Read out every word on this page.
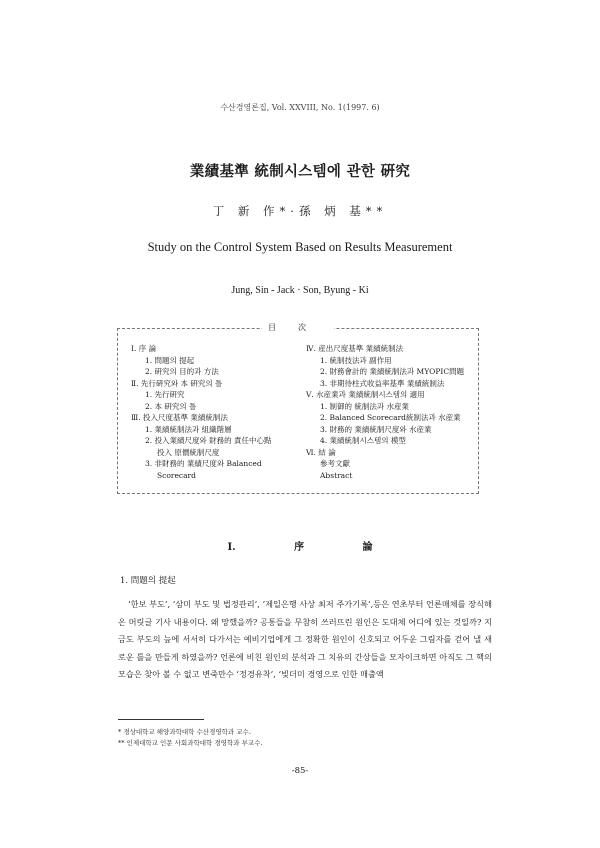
수산경영론집, Vol. XXVIII, No. 1(1997. 6)
業績基準 統制시스템에 관한 硏究
丁 新 作*·孫 炳 基**
Study on the Control System Based on Results Measurement
Jung, Sin - Jack · Son, Byung - Ki
目次
Ⅰ. 序 論
1. 問題의 提起
2. 硏究의 目的과 方法
Ⅱ. 先行硏究와 本 硏究의 틀
1. 先行硏究
2. 本 硏究의 틀
Ⅲ. 投入尺度基準 業績統制法
1. 業績統制法과 組織階層
2. 投入業績尺度와 財務的 責任中心點
投入 原價統制尺度
3. 非財務的 業績尺度와 Balanced
Scorecard
Ⅳ. 産出尺度基準 業績統制法
1. 統制技法과 副作用
2. 財務會計的 業績統制法과 MYOPIC問題
3. 非期待柱式收益率基準 業績統制法
Ⅴ. 水産業과 業績統制시스템의 適用
1. 制御的 統制法과 水産業
2. Balanced Scorecard統制法과 水産業
3. 財務的 業績統制尺度와 水産業
4. 業績統制시스템의 模型
Ⅵ. 結 論
參考文獻
Abstract
Ⅰ. 序 論
1. 問題의 提起

‘한보 부도’, ‘삼미 부도 및 법정관리’, ‘제일은행 사상 최저 주가기록’,등은 연초부터 언론매체를 장식해온 머릿글 기사 내용이다. 왜 망했을까? 공통들을 무참히 쓰러뜨린 원인은 도대체 어디에 있는 것일까? 지금도 부도의 늪에 서서히 다가서는 예비기업에게 그 정확한 원인이 신호되고 어두운 그림자를 걷어 낼 새로운 틀을 만들게 하였을까? 언론에 비친 원인의 분석과 그 치유의 간상들을 모자이크하면 아직도 그 핵의 모습은 찾아 볼 수 없고 변죽만수 ‘정경유착’, ‘빚더미 경영으로 인한 매출액

* 경상대학교 해양과학대학 수산경영학과 교수.
** 인제대학교 인문 사회과학대학 경영학과 부교수.
-85-
